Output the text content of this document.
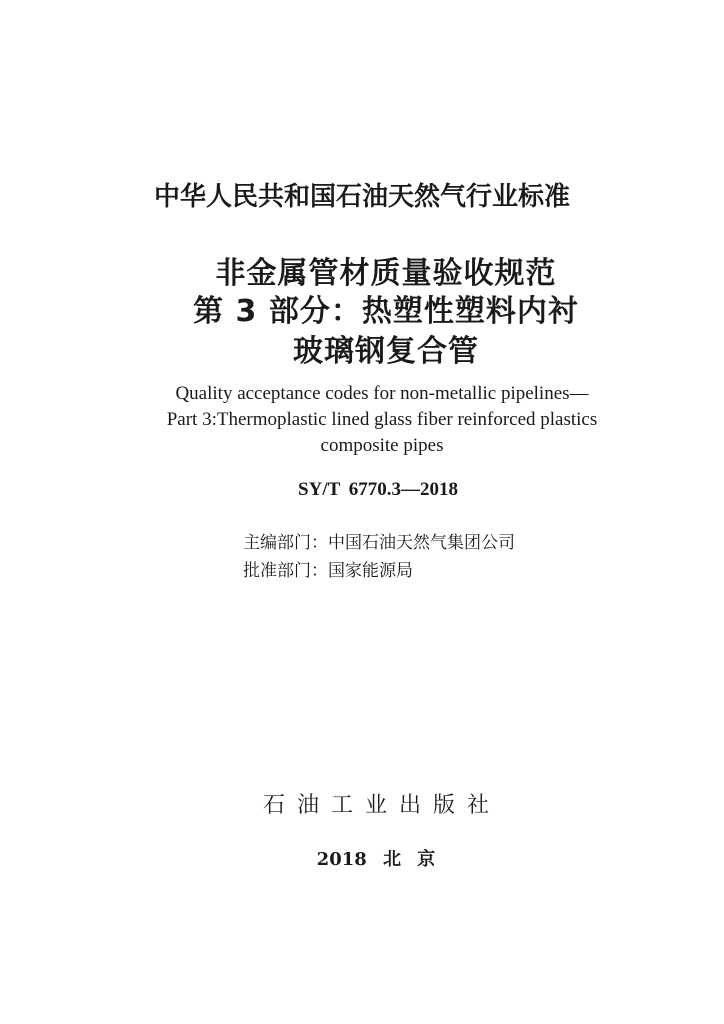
中华人民共和国石油天然气行业标准
非金属管材质量验收规范
第 3 部分：热塑性塑料内衬
玻璃钢复合管
Quality acceptance codes for non-metallic pipelines—
Part 3:Thermoplastic lined glass fiber reinforced plastics
composite pipes
SY/T 6770.3—2018
主编部门：中国石油天然气集团公司
批准部门：国家能源局
石油工业出版社
2018 北 京
